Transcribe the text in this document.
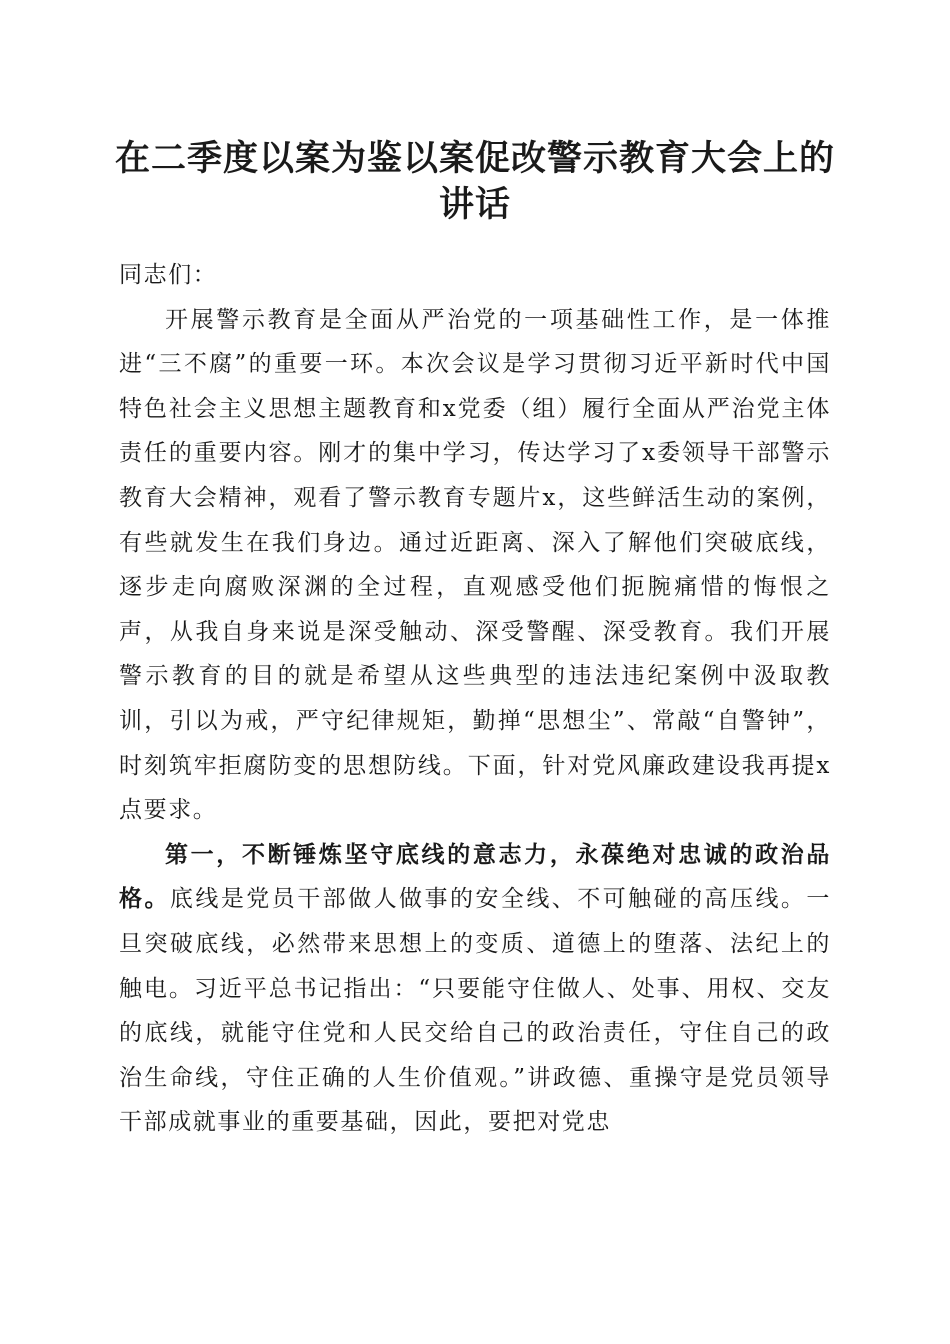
在二季度以案为鉴以案促改警示教育大会上的讲话

同志们：

开展警示教育是全面从严治党的一项基础性工作，是一体推进“三不腐”的重要一环。本次会议是学习贯彻习近平新时代中国特色社会主义思想主题教育和x党委（组）履行全面从严治党主体责任的重要内容。刚才的集中学习，传达学习了x委领导干部警示教育大会精神，观看了警示教育专题片x，这些鲜活生动的案例，有些就发生在我们身边。通过近距离、深入了解他们突破底线，逐步走向腐败深渊的全过程，直观感受他们扼腕痛惜的悔恨之声，从我自身来说是深受触动、深受警醒、深受教育。我们开展警示教育的目的就是希望从这些典型的违法违纪案例中汲取教训，引以为戒，严守纪律规矩，勤掸“思想尘”、常敲“自警钟”，时刻筑牢拒腐防变的思想防线。下面，针对党风廉政建设我再提x点要求。

第一，不断锤炼坚守底线的意志力，永葆绝对忠诚的政治品格。底线是党员干部做人做事的安全线、不可触碰的高压线。一旦突破底线，必然带来思想上的变质、道德上的堕落、法纪上的触电。习近平总书记指出：“只要能守住做人、处事、用权、交友的底线，就能守住党和人民交给自己的政治责任，守住自己的政治生命线，守住正确的人生价值观。”讲政德、重操守是党员领导干部成就事业的重要基础，因此，要把对党忠
